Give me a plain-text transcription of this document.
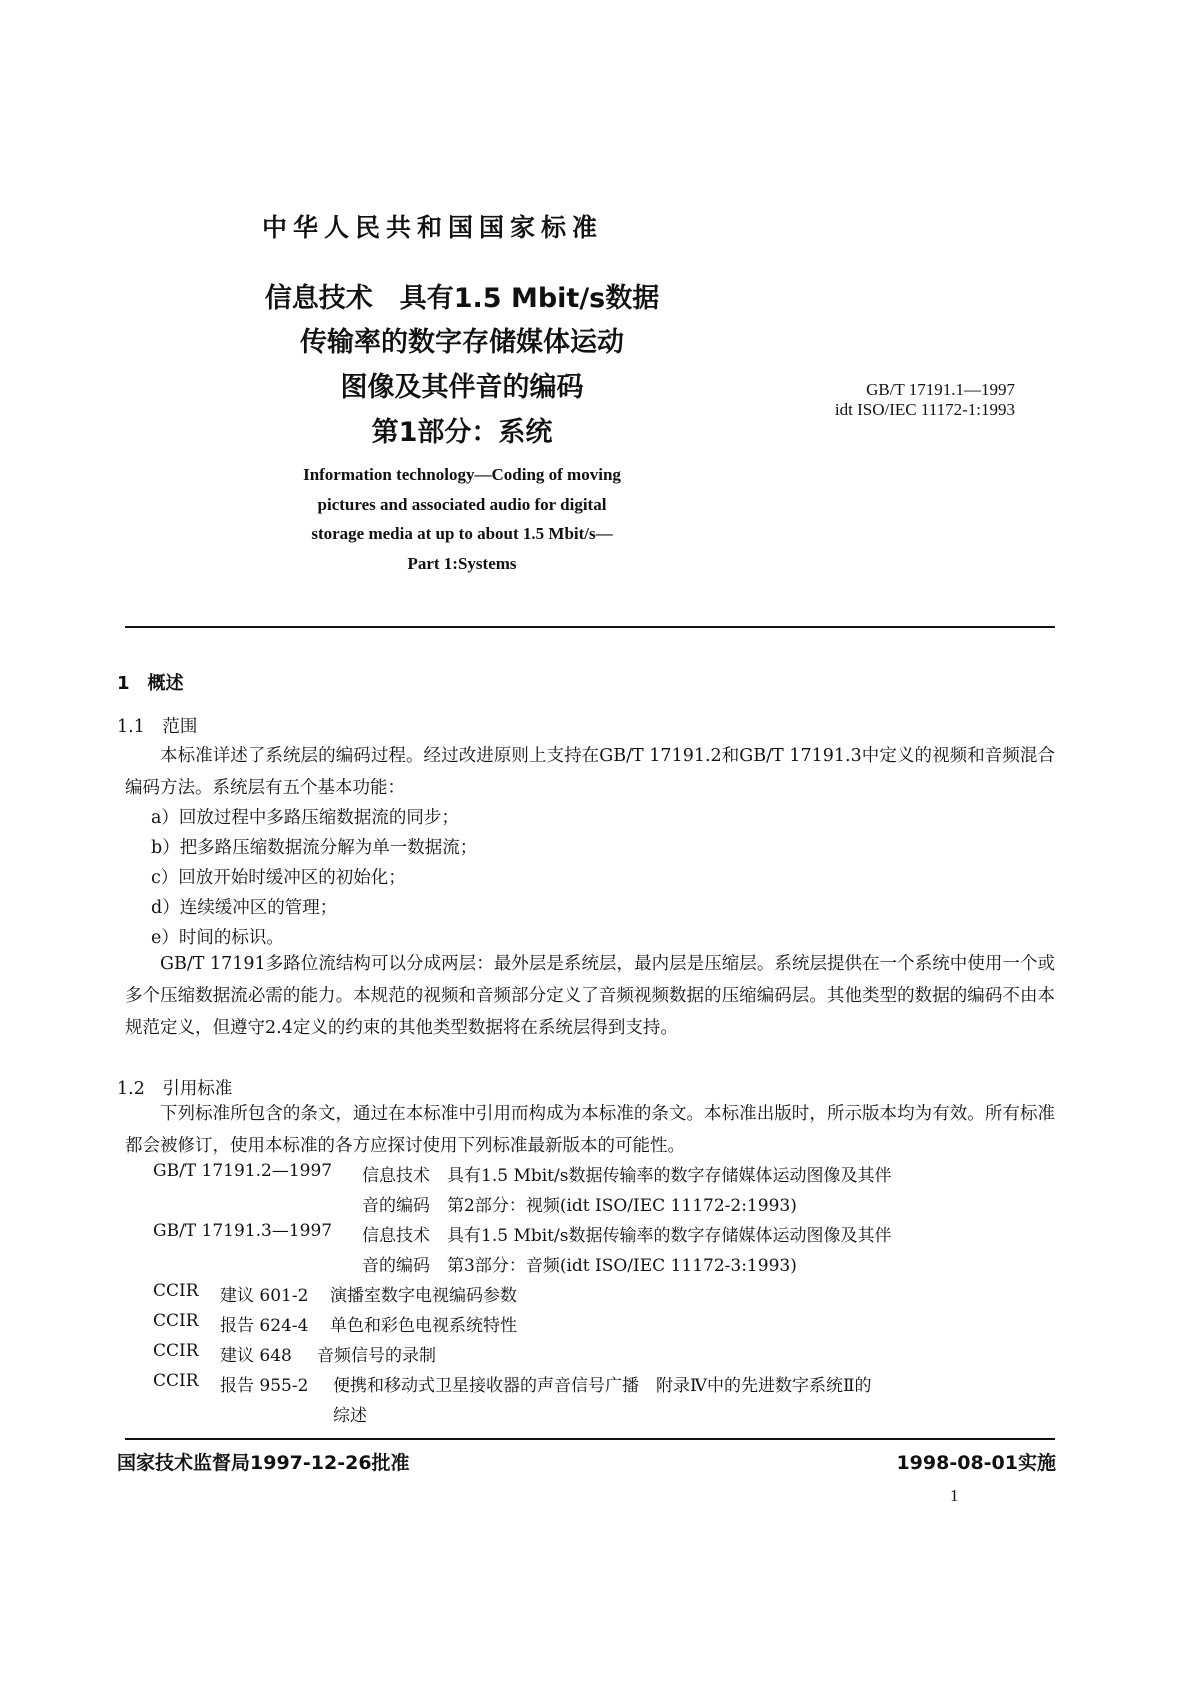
中华人民共和国国家标准
信息技术　具有1.5 Mbit/s数据
传输率的数字存储媒体运动
图像及其伴音的编码
第1部分：系统
GB/T 17191.1—1997
idt ISO/IEC 11172-1:1993
Information technology—Coding of moving
pictures and associated audio for digital
storage media at up to about 1.5 Mbit/s—
Part 1:Systems
1　概述
1.1　范围
本标准详述了系统层的编码过程。经过改进原则上支持在GB/T 17191.2和GB/T 17191.3中定义的视频和音频混合编码方法。系统层有五个基本功能：
a）回放过程中多路压缩数据流的同步；
b）把多路压缩数据流分解为单一数据流；
c）回放开始时缓冲区的初始化；
d）连续缓冲区的管理；
e）时间的标识。
GB/T 17191多路位流结构可以分成两层：最外层是系统层，最内层是压缩层。系统层提供在一个系统中使用一个或多个压缩数据流必需的能力。本规范的视频和音频部分定义了音频视频数据的压缩编码层。其他类型的数据的编码不由本规范定义，但遵守2.4定义的约束的其他类型数据将在系统层得到支持。
1.2　引用标准
下列标准所包含的条文，通过在本标准中引用而构成为本标准的条文。本标准出版时，所示版本均为有效。所有标准都会被修订，使用本标准的各方应探讨使用下列标准最新版本的可能性。
GB/T 17191.2—1997 信息技术　具有1.5 Mbit/s数据传输率的数字存储媒体运动图像及其伴
音的编码　第2部分：视频(idt ISO/IEC 11172-2:1993)
GB/T 17191.3—1997 信息技术　具有1.5 Mbit/s数据传输率的数字存储媒体运动图像及其伴
音的编码　第3部分：音频(idt ISO/IEC 11172-3:1993)
CCIR 建议 601-2 演播室数字电视编码参数
CCIR 报告 624-4 单色和彩色电视系统特性
CCIR 建议 648 音频信号的录制
CCIR 报告 955-2 便携和移动式卫星接收器的声音信号广播　附录Ⅳ中的先进数字系统Ⅱ的
综述
国家技术监督局1997-12-26批准	1998-08-01实施
1
